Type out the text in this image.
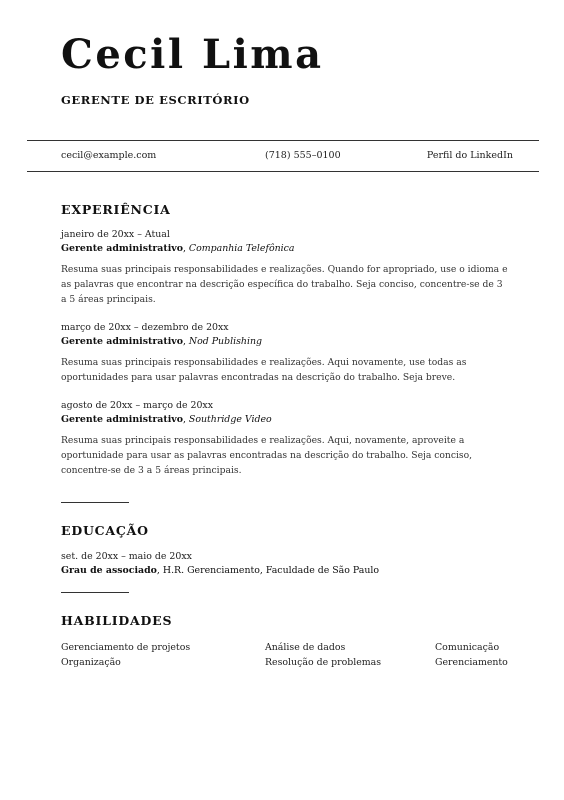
Cecil Lima
GERENTE DE ESCRITÓRIO
cecil@example.com	(718) 555–0100	Perfil do LinkedIn
EXPERIÊNCIA
janeiro de 20xx – Atual
Gerente administrativo, Companhia Telefônica

Resuma suas principais responsabilidades e realizações. Quando for apropriado, use o idioma e as palavras que encontrar na descrição específica do trabalho. Seja conciso, concentre-se de 3 a 5 áreas principais.

março de 20xx – dezembro de 20xx
Gerente administrativo, Nod Publishing

Resuma suas principais responsabilidades e realizações. Aqui novamente, use todas as oportunidades para usar palavras encontradas na descrição do trabalho. Seja breve.

agosto de 20xx – março de 20xx
Gerente administrativo, Southridge Video

Resuma suas principais responsabilidades e realizações. Aqui, novamente, aproveite a oportunidade para usar as palavras encontradas na descrição do trabalho. Seja conciso, concentre-se de 3 a 5 áreas principais.

EDUCAÇÃO
set. de 20xx – maio de 20xx
Grau de associado, H.R. Gerenciamento, Faculdade de São Paulo
HABILIDADES
Gerenciamento de projetos
Organização
Análise de dados
Resolução de problemas
Comunicação
Gerenciamento
